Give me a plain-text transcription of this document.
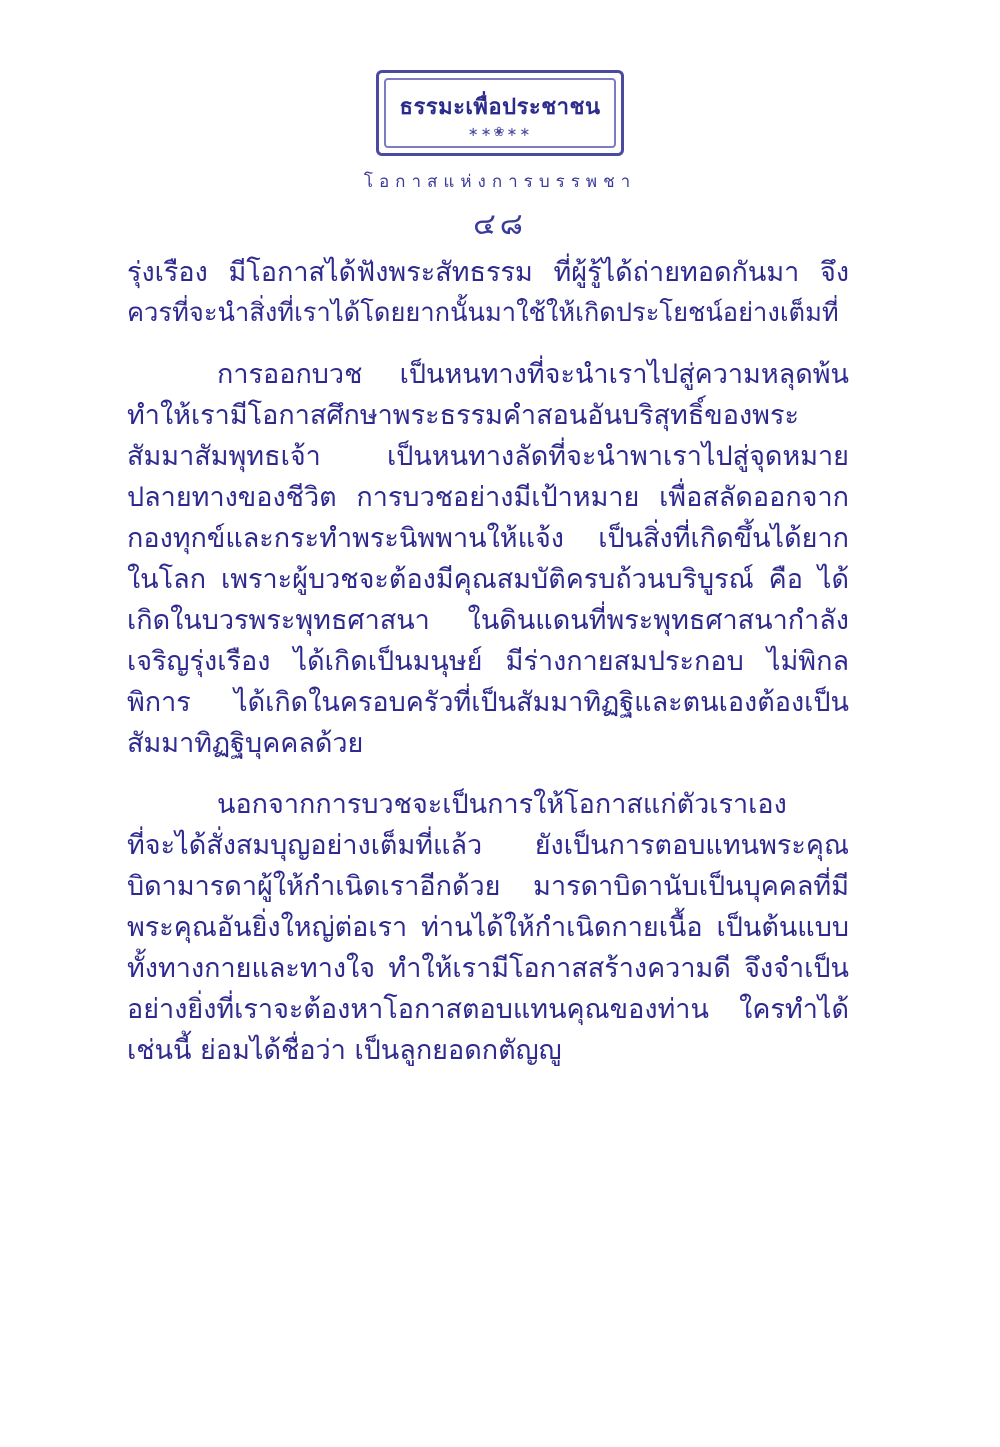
ธรรมะเพื่อประชาชน
∗∗❀∗∗
โอกาสแห่งการบรรพชา
๔๘
รุ่งเรือง มีโอกาสได้ฟังพระสัทธรรม ที่ผู้รู้ได้ถ่ายทอดกันมา จึง
ควรที่จะนำสิ่งที่เราได้โดยยากนั้นมาใช้ให้เกิดประโยชน์อย่างเต็มที่
การออกบวช เป็นหนทางที่จะนำเราไปสู่ความหลุดพ้น
ทำให้เรามีโอกาสศึกษาพระธรรมคำสอนอันบริสุทธิ์ของพระ
สัมมาสัมพุทธเจ้า เป็นหนทางลัดที่จะนำพาเราไปสู่จุดหมาย
ปลายทางของชีวิต การบวชอย่างมีเป้าหมาย เพื่อสลัดออกจาก
กองทุกข์และกระทำพระนิพพานให้แจ้ง เป็นสิ่งที่เกิดขึ้นได้ยาก
ในโลก เพราะผู้บวชจะต้องมีคุณสมบัติครบถ้วนบริบูรณ์ คือ ได้
เกิดในบวรพระพุทธศาสนา ในดินแดนที่พระพุทธศาสนากำลัง
เจริญรุ่งเรือง ได้เกิดเป็นมนุษย์ มีร่างกายสมประกอบ ไม่พิกล
พิการ ได้เกิดในครอบครัวที่เป็นสัมมาทิฏฐิและตนเองต้องเป็น
สัมมาทิฏฐิบุคคลด้วย
นอกจากการบวชจะเป็นการให้โอกาสแก่ตัวเราเอง
ที่จะได้สั่งสมบุญอย่างเต็มที่แล้ว ยังเป็นการตอบแทนพระคุณ
บิดามารดาผู้ให้กำเนิดเราอีกด้วย มารดาบิดานับเป็นบุคคลที่มี
พระคุณอันยิ่งใหญ่ต่อเรา ท่านได้ให้กำเนิดกายเนื้อ เป็นต้นแบบ
ทั้งทางกายและทางใจ ทำให้เรามีโอกาสสร้างความดี จึงจำเป็น
อย่างยิ่งที่เราจะต้องหาโอกาสตอบแทนคุณของท่าน ใครทำได้
เช่นนี้ ย่อมได้ชื่อว่า เป็นลูกยอดกตัญญู
